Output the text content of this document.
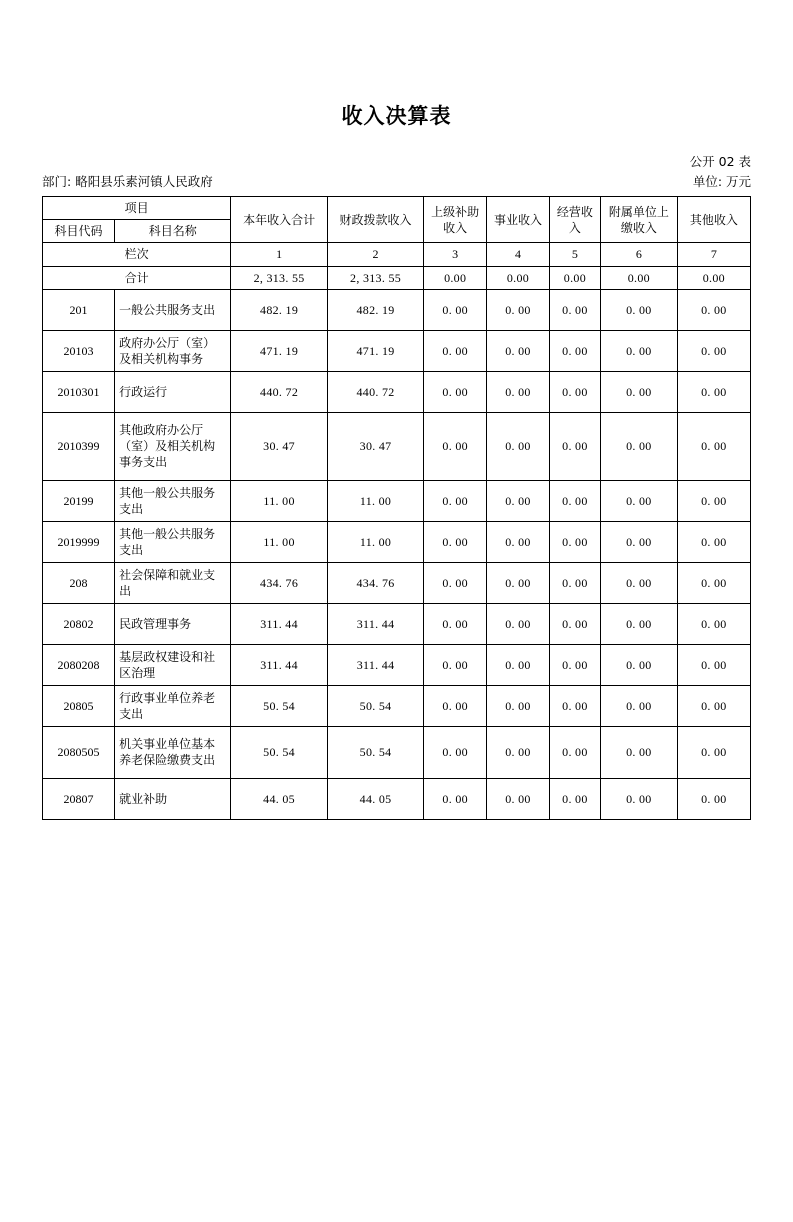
收入决算表
公开 02 表
部门: 略阳县乐素河镇人民政府	单位: 万元
项目		本年收入合计	财政拨款收入	上级补助收入	事业收入	经营收入	附属单位上缴收入	其他收入
科目代码	科目名称							
栏次		1	2	3	4	5	6	7
合计		2, 313. 55	2, 313. 55	0.00	0.00	0.00	0.00	0.00
201	一般公共服务支出	482. 19	482. 19	0. 00	0. 00	0. 00	0. 00	0. 00
20103	政府办公厅（室）及相关机构事务	471. 19	471. 19	0. 00	0. 00	0. 00	0. 00	0. 00
2010301	行政运行	440. 72	440. 72	0. 00	0. 00	0. 00	0. 00	0. 00
2010399	其他政府办公厅（室）及相关机构事务支出	30. 47	30. 47	0. 00	0. 00	0. 00	0. 00	0. 00
20199	其他一般公共服务支出	11. 00	11. 00	0. 00	0. 00	0. 00	0. 00	0. 00
2019999	其他一般公共服务支出	11. 00	11. 00	0. 00	0. 00	0. 00	0. 00	0. 00
208	社会保障和就业支出	434. 76	434. 76	0. 00	0. 00	0. 00	0. 00	0. 00
20802	民政管理事务	311. 44	311. 44	0. 00	0. 00	0. 00	0. 00	0. 00
2080208	基层政权建设和社区治理	311. 44	311. 44	0. 00	0. 00	0. 00	0. 00	0. 00
20805	行政事业单位养老支出	50. 54	50. 54	0. 00	0. 00	0. 00	0. 00	0. 00
2080505	机关事业单位基本养老保险缴费支出	50. 54	50. 54	0. 00	0. 00	0. 00	0. 00	0. 00
20807	就业补助	44. 05	44. 05	0. 00	0. 00	0. 00	0. 00	0. 00
